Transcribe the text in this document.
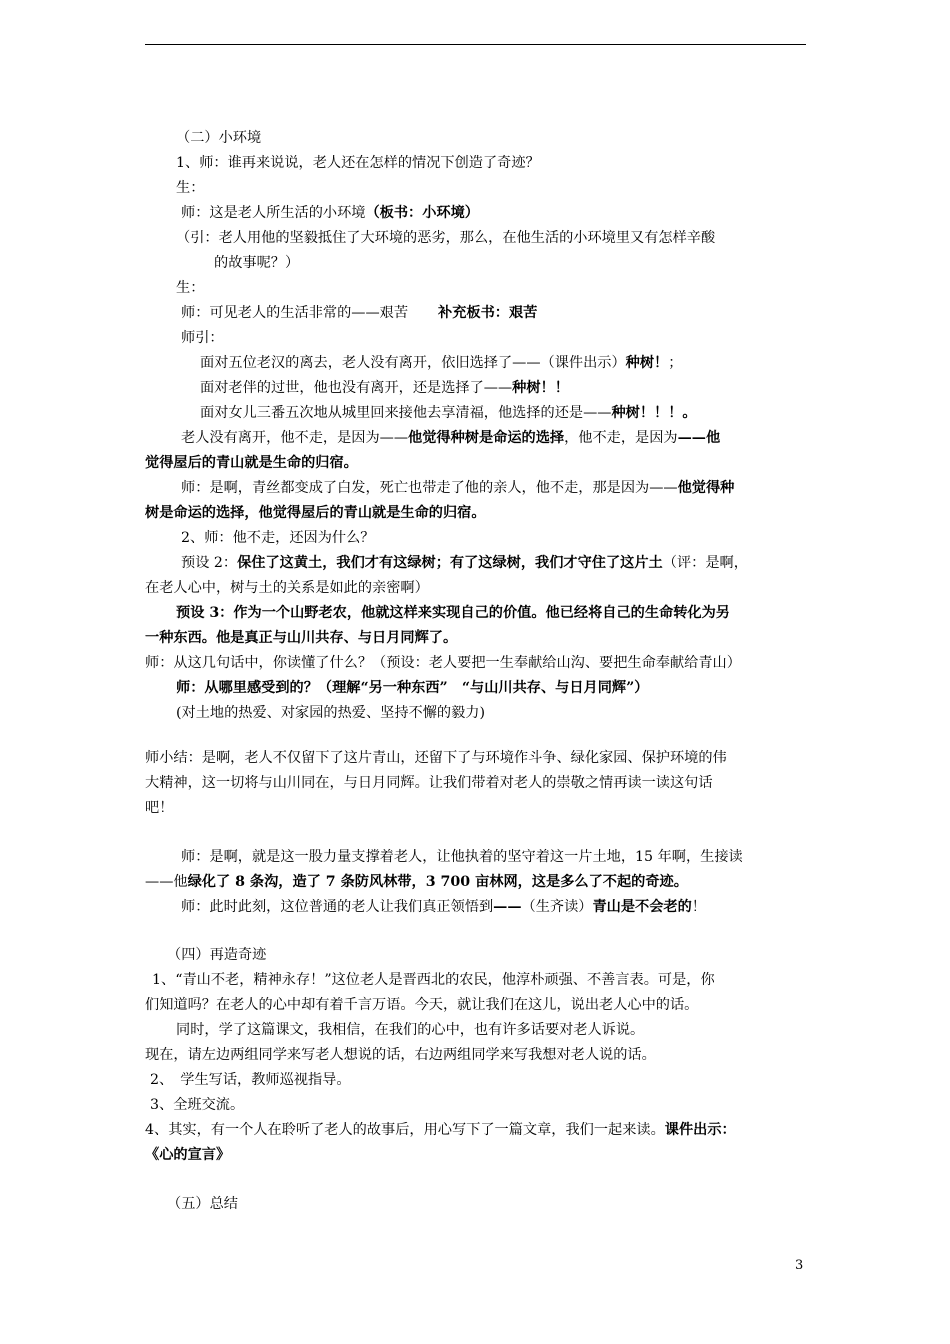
（二）小环境
1、师：谁再来说说，老人还在怎样的情况下创造了奇迹？
生：
师：这是老人所生活的小环境（板书：小环境）
（引：老人用他的坚毅抵住了大环境的恶劣，那么，在他生活的小环境里又有怎样辛酸
的故事呢？）
生：
师：可见老人的生活非常的——艰苦 补充板书：艰苦
师引：
面对五位老汉的离去，老人没有离开，依旧选择了——（课件出示）种树！；
面对老伴的过世，他也没有离开，还是选择了——种树！！
面对女儿三番五次地从城里回来接他去享清福，他选择的还是——种树！！！。
老人没有离开，他不走，是因为——他觉得种树是命运的选择，他不走，是因为——他
觉得屋后的青山就是生命的归宿。
师：是啊，青丝都变成了白发，死亡也带走了他的亲人，他不走，那是因为——他觉得种
树是命运的选择，他觉得屋后的青山就是生命的归宿。
2、师：他不走，还因为什么？
预设 2：保住了这黄土，我们才有这绿树；有了这绿树，我们才守住了这片土（评：是啊，
在老人心中，树与土的关系是如此的亲密啊）
预设 3：作为一个山野老农，他就这样来实现自己的价值。他已经将自己的生命转化为另
一种东西。他是真正与山川共存、与日月同辉了。
师：从这几句话中，你读懂了什么？（预设：老人要把一生奉献给山沟、要把生命奉献给青山）
师：从哪里感受到的？（理解“另一种东西”　“与山川共存、与日月同辉”）
(对土地的热爱、对家园的热爱、坚持不懈的毅力)
师小结：是啊，老人不仅留下了这片青山，还留下了与环境作斗争、绿化家园、保护环境的伟
大精神，这一切将与山川同在，与日月同辉。让我们带着对老人的崇敬之情再读一读这句话
吧！
师：是啊，就是这一股力量支撑着老人，让他执着的坚守着这一片土地，15 年啊，生接读
——他绿化了 8 条沟，造了 7 条防风林带，3 700 亩林网，这是多么了不起的奇迹。
师：此时此刻，这位普通的老人让我们真正领悟到——（生齐读）青山是不会老的！
（四）再造奇迹
1、“青山不老，精神永存！”这位老人是晋西北的农民，他淳朴顽强、不善言表。可是，你
们知道吗？在老人的心中却有着千言万语。今天，就让我们在这儿，说出老人心中的话。
同时，学了这篇课文，我相信，在我们的心中，也有许多话要对老人诉说。
现在，请左边两组同学来写老人想说的话，右边两组同学来写我想对老人说的话。
2、　学生写话，教师巡视指导。
3、全班交流。
4、其实，有一个人在聆听了老人的故事后，用心写下了一篇文章，我们一起来读。课件出示：
《心的宣言》
（五）总结
3
